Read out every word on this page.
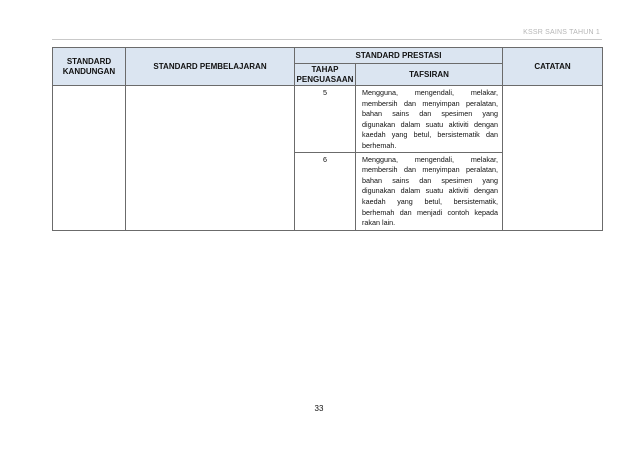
KSSR SAINS TAHUN 1
STANDARD KANDUNGAN	STANDARD PEMBELAJARAN	STANDARD PRESTASI		CATATAN
		TAHAP PENGUASAAN	TAFSIRAN	
		5	Mengguna, mengendali, melakar, membersih dan menyimpan peralatan, bahan sains dan spesimen yang digunakan dalam suatu aktiviti dengan kaedah yang betul, bersistematik dan berhemah.	
		6	Mengguna, mengendali, melakar, membersih dan menyimpan peralatan, bahan sains dan spesimen yang digunakan dalam suatu aktiviti dengan kaedah yang betul, bersistematik, berhemah dan menjadi contoh kepada rakan lain.	
33
